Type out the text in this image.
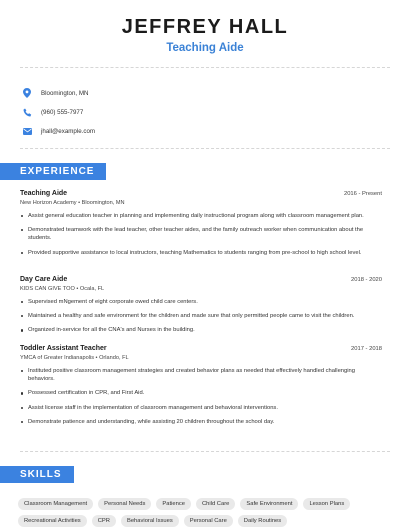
JEFFREY HALL
Teaching Aide
Bloomington, MN
(960) 555-7977
jhall@example.com
EXPERIENCE
Teaching Aide	2016 - Present
New Horizon Academy • Bloomington, MN
Assist general education teacher in planning and implementing daily instructional program along with classroom management plan.
Demonstrated teamwork with the lead teacher, other teacher aides, and the family outreach worker when communication about the students.
Provided supportive assistance to local instructors, teaching Mathematics to students ranging from pre-school to high school level.
Day Care Aide	2018 - 2020
KIDS CAN GIVE TOO • Ocala, FL
Supervised mNgement of eight corporate owed child care centers.
Maintained a healthy and safe environment for the children and made sure that only permitted people came to visit the children.
Organized in-service for all the CNA's and Nurses in the building.
Toddler Assistant Teacher	2017 - 2018
YMCA of Greater Indianapolis • Orlando, FL
Instituted positive classroom management strategies and created behavior plans as needed that effectively handled challenging behaviors.
Possessed certification in CPR, and First Aid.
Assist license staff in the implementation of classroom management and behavioral interventions.
Demonstrate patience and understanding, while assisting 20 children throughout the school day.
SKILLS
Classroom Management	Personal Needs	Patience	Child Care	Safe Environment	Lesson Plans
Recreational Activities	CPR	Behavioral Issues	Personal Care	Daily Routines
